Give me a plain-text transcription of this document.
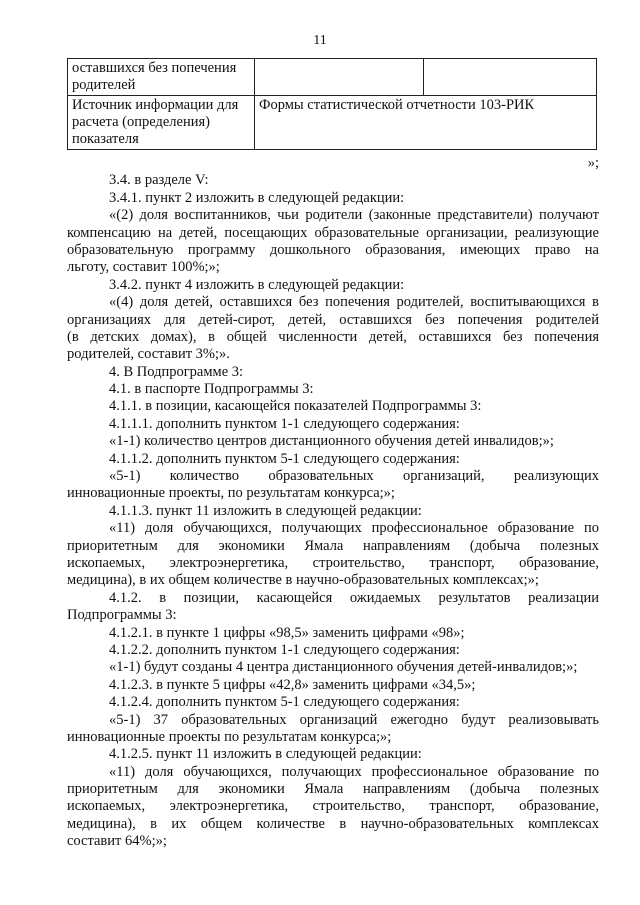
11
оставшихся без попечения родителей		
Источник информации для расчета (определения) показателя	Формы статистической отчетности 103-РИК	
»;
3.4. в разделе V:
3.4.1. пункт 2 изложить в следующей редакции:
«(2) доля воспитанников, чьи родители (законные представители) получают
компенсацию на детей, посещающих образовательные организации, реализующие
образовательную программу дошкольного образования, имеющих право на
льготу, составит 100%;»;
3.4.2. пункт 4 изложить в следующей редакции:
«(4) доля детей, оставшихся без попечения родителей, воспитывающихся в
организациях для детей-сирот, детей, оставшихся без попечения родителей
(в детских домах), в общей численности детей, оставшихся без попечения
родителей, составит 3%;».
4. В Подпрограмме 3:
4.1. в паспорте Подпрограммы 3:
4.1.1. в позиции, касающейся показателей Подпрограммы 3:
4.1.1.1. дополнить пунктом 1-1 следующего содержания:
«1-1) количество центров дистанционного обучения детей инвалидов;»;
4.1.1.2. дополнить пунктом 5-1 следующего содержания:
«5-1) количество образовательных организаций, реализующих
инновационные проекты, по результатам конкурса;»;
4.1.1.3. пункт 11 изложить в следующей редакции:
«11) доля обучающихся, получающих профессиональное образование по
приоритетным для экономики Ямала направлениям (добыча полезных
ископаемых, электроэнергетика, строительство, транспорт, образование,
медицина), в их общем количестве в научно-образовательных комплексах;»;
4.1.2. в позиции, касающейся ожидаемых результатов реализации
Подпрограммы 3:
4.1.2.1. в пункте 1 цифры «98,5» заменить цифрами «98»;
4.1.2.2. дополнить пунктом 1-1 следующего содержания:
«1-1) будут созданы 4 центра дистанционного обучения детей-инвалидов;»;
4.1.2.3. в пункте 5 цифры «42,8» заменить цифрами «34,5»;
4.1.2.4. дополнить пунктом 5-1 следующего содержания:
«5-1) 37 образовательных организаций ежегодно будут реализовывать
инновационные проекты по результатам конкурса;»;
4.1.2.5. пункт 11 изложить в следующей редакции:
«11) доля обучающихся, получающих профессиональное образование по
приоритетным для экономики Ямала направлениям (добыча полезных
ископаемых, электроэнергетика, строительство, транспорт, образование,
медицина), в их общем количестве в научно-образовательных комплексах
составит 64%;»;
